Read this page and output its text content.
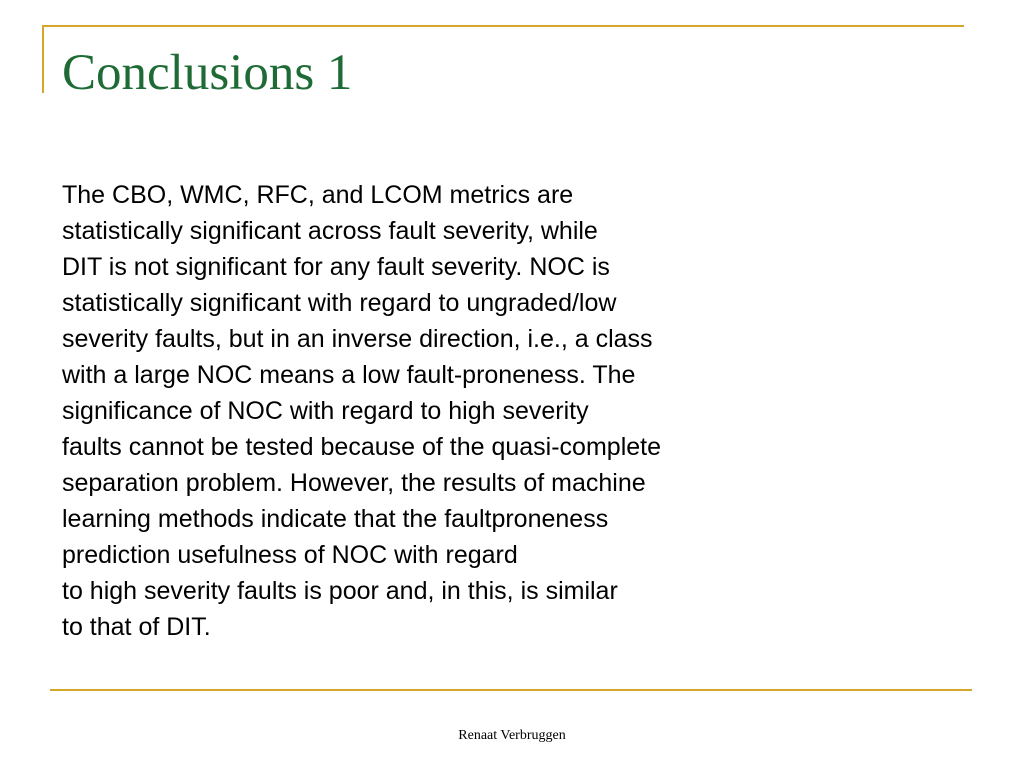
Conclusions 1
The CBO, WMC, RFC, and LCOM metrics are
statistically significant across fault severity, while
DIT is not significant for any fault severity. NOC is
statistically significant with regard to ungraded/low
severity faults, but in an inverse direction, i.e., a class
with a large NOC means a low fault-proneness. The
significance of NOC with regard to high severity
faults cannot be tested because of the quasi-complete
separation problem. However, the results of machine
learning methods indicate that the faultproneness
prediction usefulness of NOC with regard
to high severity faults is poor and, in this, is similar
to that of DIT.

Renaat Verbruggen
